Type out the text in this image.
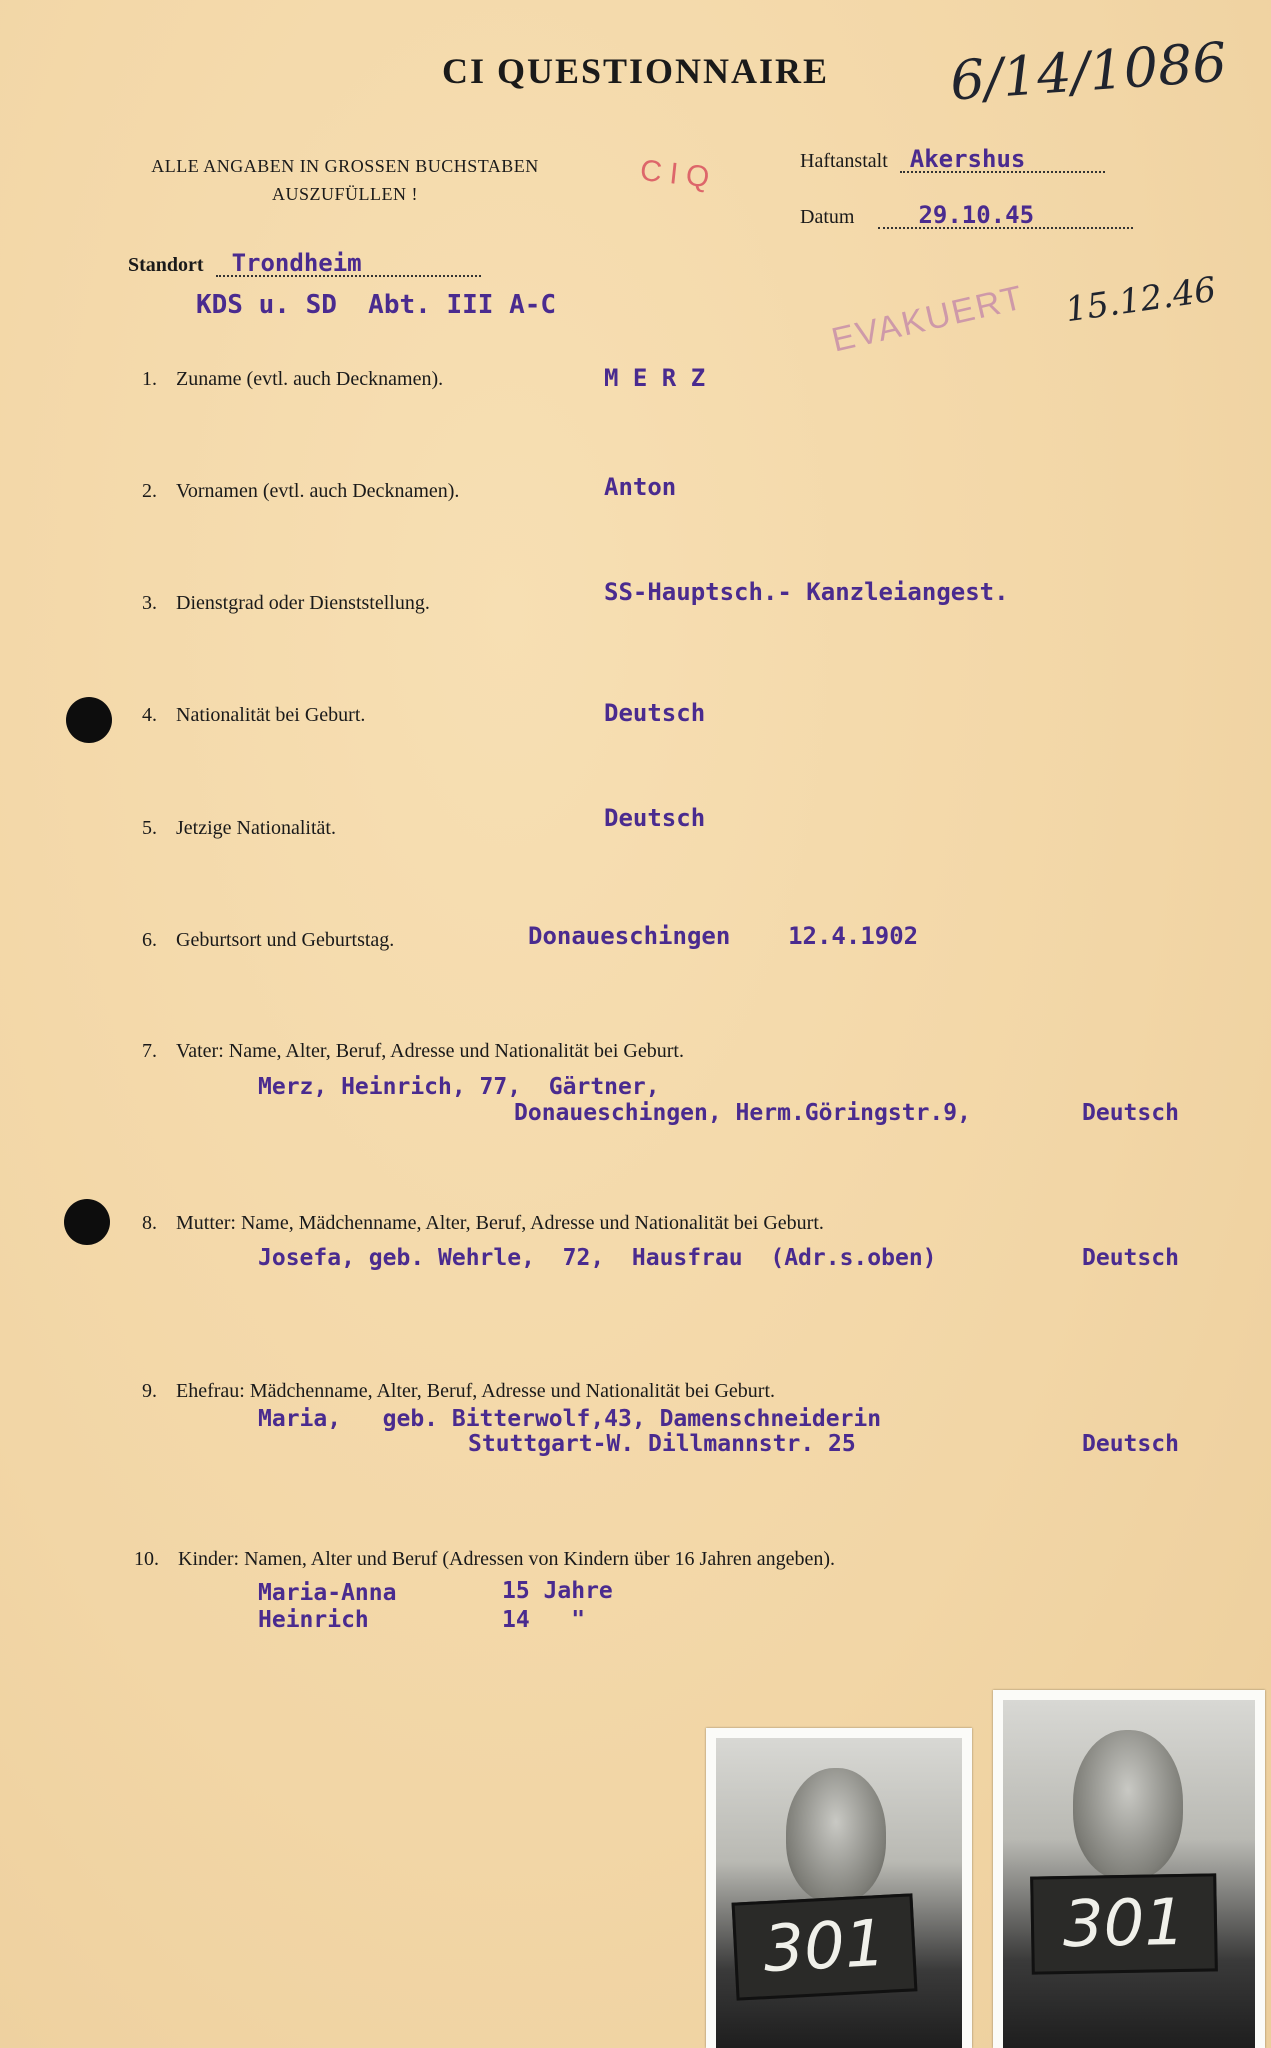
CI QUESTIONNAIRE	6/14/1086
ALLE ANGABEN IN GROSSEN BUCHSTABEN
AUSZUFÜLLEN !	CIQ	Haftanstalt Akershus
Datum	29.10.45
Standort Trondheim
KDS u. SD  Abt. III A-C	EVAKUERT 15.12.46
1. Zuname (evtl. auch Decknamen).	M E R Z
2. Vornamen (evtl. auch Decknamen).	Anton
3. Dienstgrad oder Dienststellung.	SS-Hauptsch.- Kanzleiangest.
4. Nationalität bei Geburt.	Deutsch
5. Jetzige Nationalität.	Deutsch
6. Geburtsort und Geburtstag.	Donaueschingen    12.4.1902
7. Vater: Name, Alter, Beruf, Adresse und Nationalität bei Geburt.
Merz, Heinrich, 77,  Gärtner,
Donaueschingen, Herm.Göringstr.9,	Deutsch
8. Mutter: Name, Mädchenname, Alter, Beruf, Adresse und Nationalität bei Geburt.
Josefa, geb. Wehrle,  72,  Hausfrau  (Adr.s.oben)	Deutsch
9. Ehefrau: Mädchenname, Alter, Beruf, Adresse und Nationalität bei Geburt.
Maria,   geb. Bitterwolf,43, Damenschneiderin
Stuttgart-W. Dillmannstr. 25	Deutsch
10. Kinder: Namen, Alter und Beruf (Adressen von Kindern über 16 Jahren angeben).
Maria-Anna	15 Jahre
Heinrich	14   "
301	301
